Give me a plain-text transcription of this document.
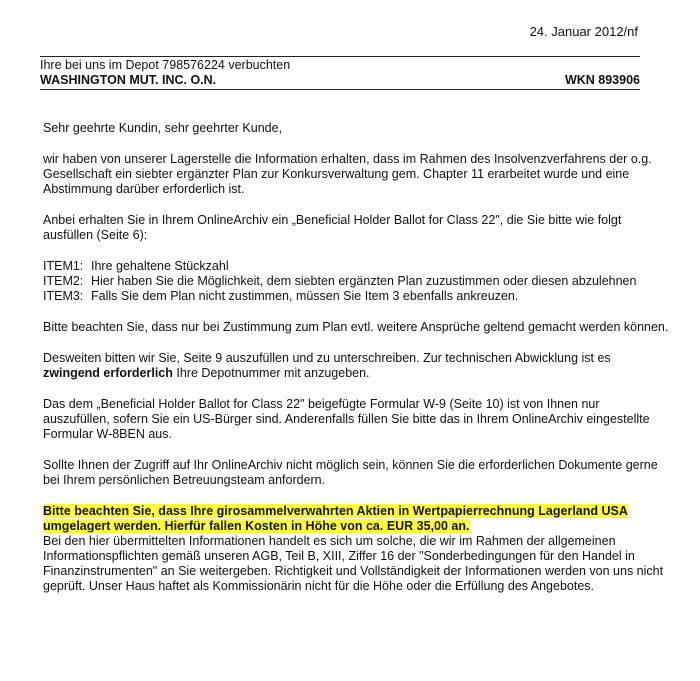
24. Januar 2012/nf
Ihre bei uns im Depot 798576224 verbuchten
WASHINGTON MUT. INC. O.N.	WKN 893906

Sehr geehrte Kundin, sehr geehrter Kunde,

wir haben von unserer Lagerstelle die Information erhalten, dass im Rahmen des Insolvenzverfahrens der o.g. Gesellschaft ein siebter ergänzter Plan zur Konkursverwaltung gem. Chapter 11 erarbeitet wurde und eine Abstimmung darüber erforderlich ist.

Anbei erhalten Sie in Ihrem OnlineArchiv ein „Beneficial Holder Ballot for Class 22", die Sie bitte wie folgt ausfüllen (Seite 6):

ITEM1: Ihre gehaltene Stückzahl
ITEM2: Hier haben Sie die Möglichkeit, dem siebten ergänzten Plan zuzustimmen oder diesen abzulehnen
ITEM3: Falls Sie dem Plan nicht zustimmen, müssen Sie Item 3 ebenfalls ankreuzen.

Bitte beachten Sie, dass nur bei Zustimmung zum Plan evtl. weitere Ansprüche geltend gemacht werden können.

Desweiten bitten wir Sie, Seite 9 auszufüllen und zu unterschreiben. Zur technischen Abwicklung ist es zwingend erforderlich Ihre Depotnummer mit anzugeben.

Das dem „Beneficial Holder Ballot for Class 22" beigefügte Formular W-9 (Seite 10) ist von Ihnen nur auszufüllen, sofern Sie ein US-Bürger sind. Anderenfalls füllen Sie bitte das in Ihrem OnlineArchiv eingestellte Formular W-8BEN aus.

Sollte Ihnen der Zugriff auf Ihr OnlineArchiv nicht möglich sein, können Sie die erforderlichen Dokumente gerne bei Ihrem persönlichen Betreuungsteam anfordern.

Bitte beachten Sie, dass Ihre girosammelverwahrten Aktien in Wertpapierrechnung Lagerland USA umgelagert werden. Hierfür fallen Kosten in Höhe von ca. EUR 35,00 an.

Bei den hier übermittelten Informationen handelt es sich um solche, die wir im Rahmen der allgemeinen Informationspflichten gemäß unseren AGB, Teil B, XIII, Ziffer 16 der "Sonderbedingungen für den Handel in Finanzinstrumenten" an Sie weitergeben. Richtigkeit und Vollständigkeit der Informationen werden von uns nicht geprüft. Unser Haus haftet als Kommissionärin nicht für die Höhe oder die Erfüllung des Angebotes.
